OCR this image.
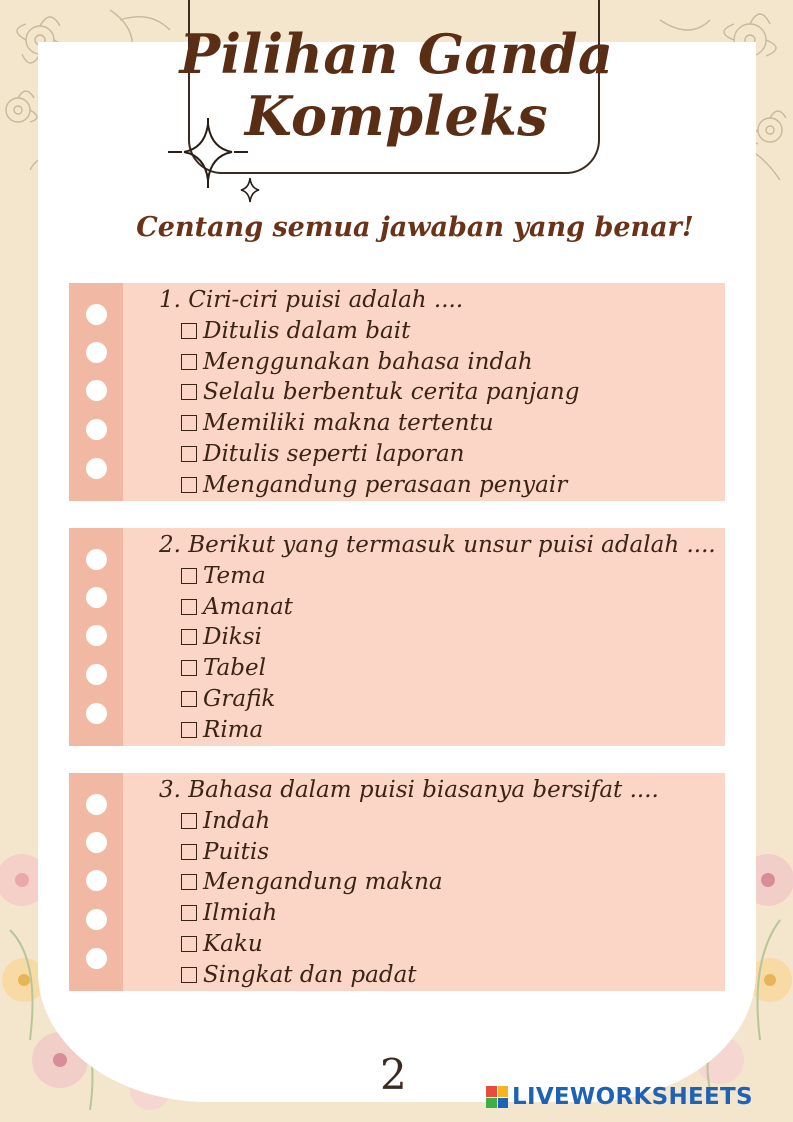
Pilihan Ganda
Kompleks
Centang semua jawaban yang benar!
1. Ciri-ciri puisi adalah ....
Ditulis dalam bait
Menggunakan bahasa indah
Selalu berbentuk cerita panjang
Memiliki makna tertentu
Ditulis seperti laporan
Mengandung perasaan penyair
2. Berikut yang termasuk unsur puisi adalah ....
Tema
Amanat
Diksi
Tabel
Grafik
Rima
3. Bahasa dalam puisi biasanya bersifat ....
Indah
Puitis
Mengandung makna
Ilmiah
Kaku
Singkat dan padat
2	LIVEWORKSHEETS
